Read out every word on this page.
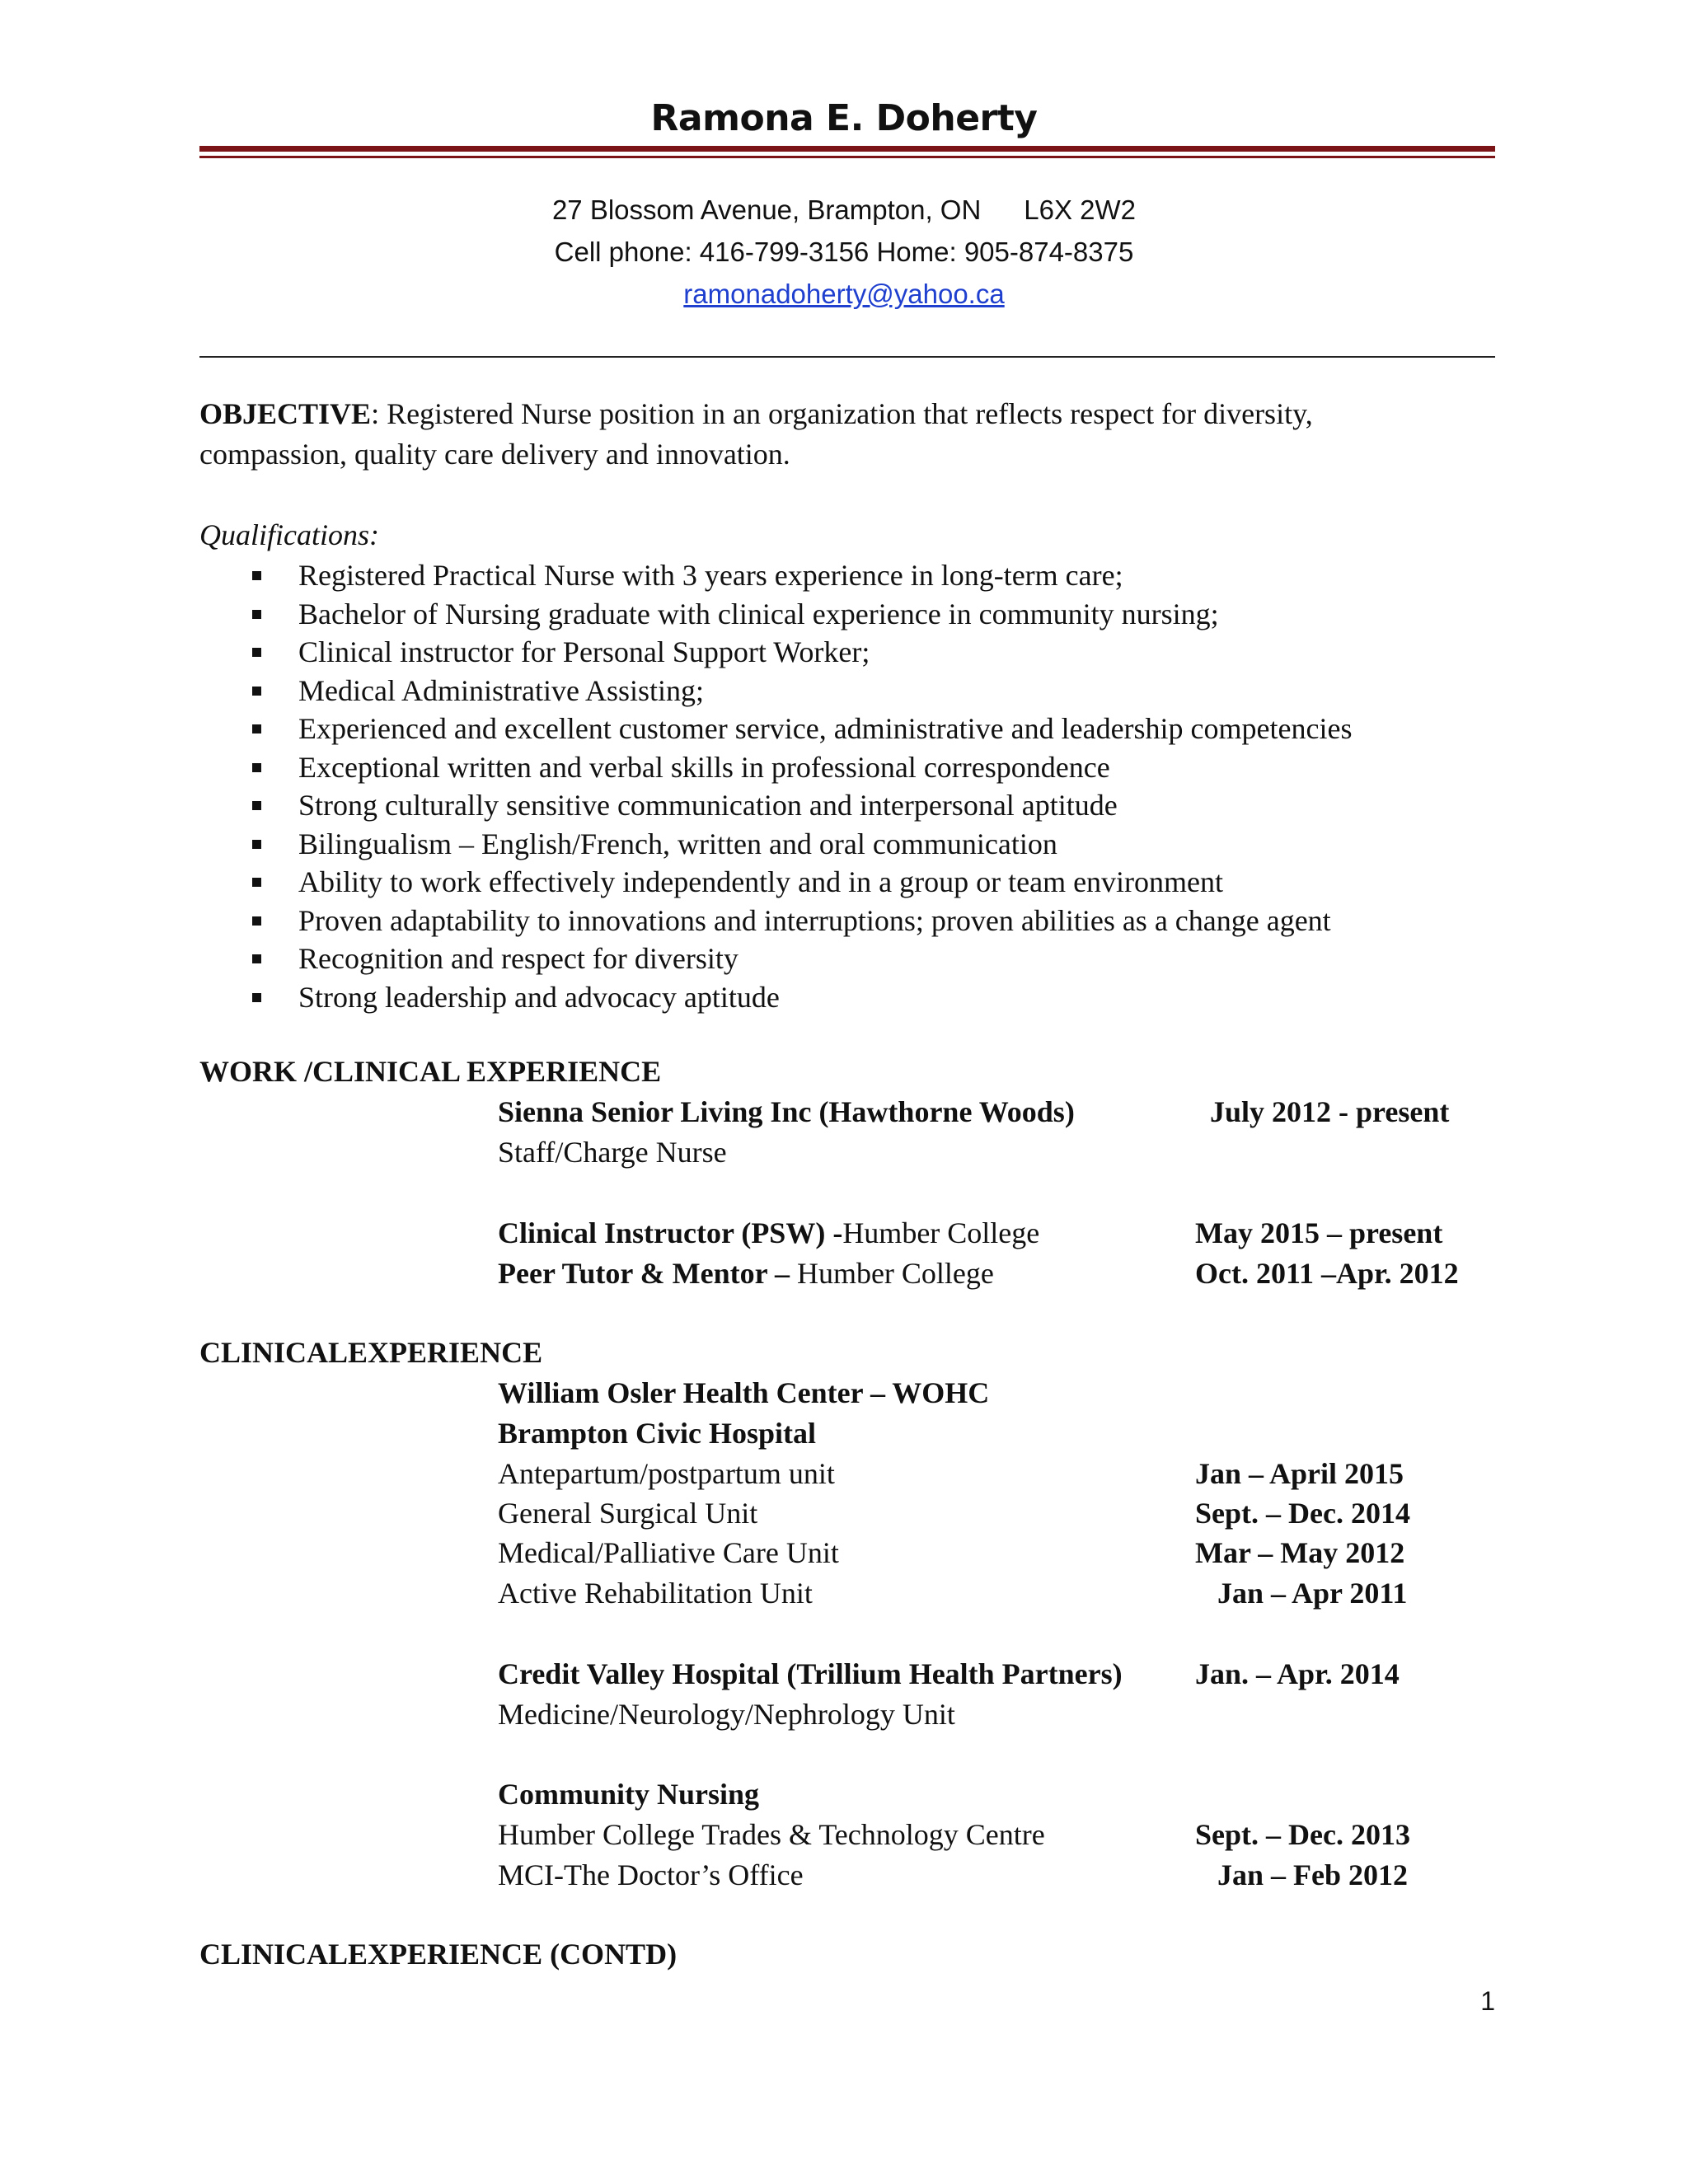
Ramona E. Doherty
27 Blossom Avenue, Brampton, ON L6X 2W2
Cell phone: 416-799-3156 Home: 905-874-8375
ramonadoherty@yahoo.ca
OBJECTIVE: Registered Nurse position in an organization that reflects respect for diversity,
compassion, quality care delivery and innovation.
Qualifications:
Registered Practical Nurse with 3 years experience in long-term care;
Bachelor of Nursing graduate with clinical experience in community nursing;
Clinical instructor for Personal Support Worker;
Medical Administrative Assisting;
Experienced and excellent customer service, administrative and leadership competencies
Exceptional written and verbal skills in professional correspondence
Strong culturally sensitive communication and interpersonal aptitude
Bilingualism – English/French, written and oral communication
Ability to work effectively independently and in a group or team environment
Proven adaptability to innovations and interruptions; proven abilities as a change agent
Recognition and respect for diversity
Strong leadership and advocacy aptitude
WORK /CLINICAL EXPERIENCE
Sienna Senior Living Inc (Hawthorne Woods)	July 2012 - present
Staff/Charge Nurse
Clinical Instructor (PSW) -Humber College	May 2015 – present
Peer Tutor & Mentor – Humber College	Oct. 2011 –Apr. 2012
CLINICALEXPERIENCE
William Osler Health Center – WOHC
Brampton Civic Hospital
Antepartum/postpartum unit	Jan – April 2015
General Surgical Unit	Sept. – Dec. 2014
Medical/Palliative Care Unit	Mar – May 2012
Active Rehabilitation Unit	Jan – Apr 2011
Credit Valley Hospital (Trillium Health Partners) Jan. – Apr. 2014
Medicine/Neurology/Nephrology Unit
Community Nursing
Humber College Trades & Technology Centre	Sept. – Dec. 2013
MCI-The Doctor’s Office	Jan – Feb 2012
CLINICALEXPERIENCE (CONTD)
1
